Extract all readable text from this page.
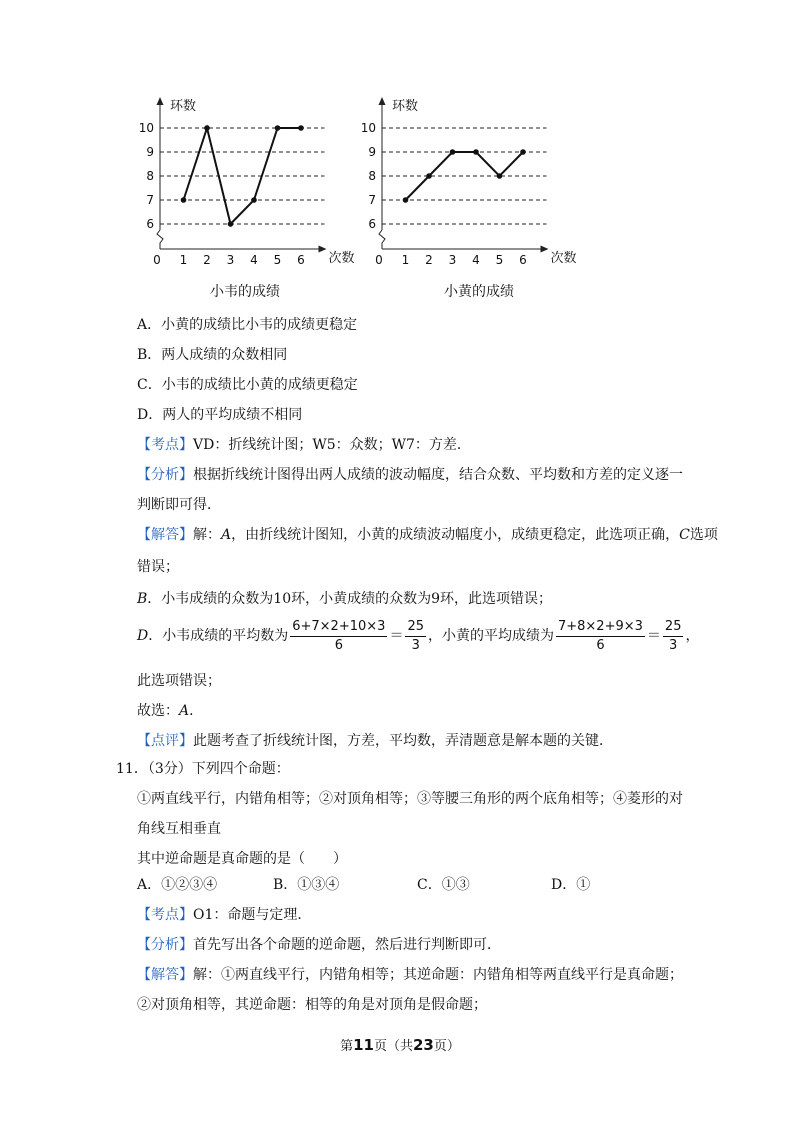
6
7
8
9
10
0 1 2 3 4 5 6
环数
次数
小韦的成绩
6
7
8
9
10
0 1 2 3 4 5 6
环数
次数
小黄的成绩
A．小黄的成绩比小韦的成绩更稳定
B．两人成绩的众数相同
C．小韦的成绩比小黄的成绩更稳定
D．两人的平均成绩不相同
【考点】VD：折线统计图；W5：众数；W7：方差．
【分析】根据折线统计图得出两人成绩的波动幅度，结合众数、平均数和方差的定义逐一
判断即可得．
【解答】解：A，由折线统计图知，小黄的成绩波动幅度小，成绩更稳定，此选项正确，C选项
错误；
B．小韦成绩的众数为10环，小黄成绩的众数为9环，此选项错误；
D．小韦成绩的平均数为 $\frac{6+7\times 2+10\times 3}{6} = \frac{25}{3}$ ，小黄的平均成绩为 $\frac{7+8\times 2+9\times 3}{6} = \frac{25}{3}$ ，
此选项错误；
故选：A．
【点评】此题考查了折线统计图，方差，平均数，弄清题意是解本题的关键．
11．（3分）下列四个命题：
①两直线平行，内错角相等；②对顶角相等；③等腰三角形的两个底角相等；④菱形的对
角线互相垂直
其中逆命题是真命题的是（　　）
A．①②③④	B．①③④	C．①③	D．①
【考点】O1：命题与定理．
【分析】首先写出各个命题的逆命题，然后进行判断即可．
【解答】解：①两直线平行，内错角相等；其逆命题：内错角相等两直线平行是真命题；
②对顶角相等，其逆命题：相等的角是对顶角是假命题；
第11页（共23页）
